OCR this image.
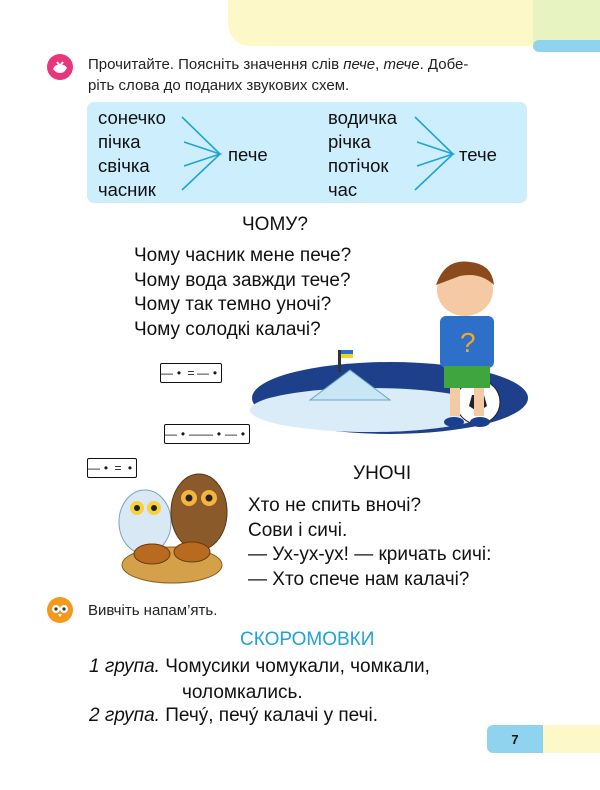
Прочитайте. Поясніть значення слів пече, тече. Добе-
ріть слова до поданих звукових схем.
сонечко
пічка
свічка
часник
пече
водичка
річка
потічок
час
тече
ЧОМУ?
Чому часник мене пече?
Чому вода завжди тече?
Чому так темно уночі?
Чому солодкі калачі?
— • = — •
— • — — • — •
— • = •
?
УНОЧІ
Хто не спить вночі?
Сови і сичі.
— Ух-ух-ух! — кричать сичі:
— Хто спече нам калачі?
Вивчіть напам’ять.
СКОРОМОВКИ
1 група. Чомусики чомукали, чомкали,
чоломкались.
2 група. Печý, печý калачі у печі.
7
